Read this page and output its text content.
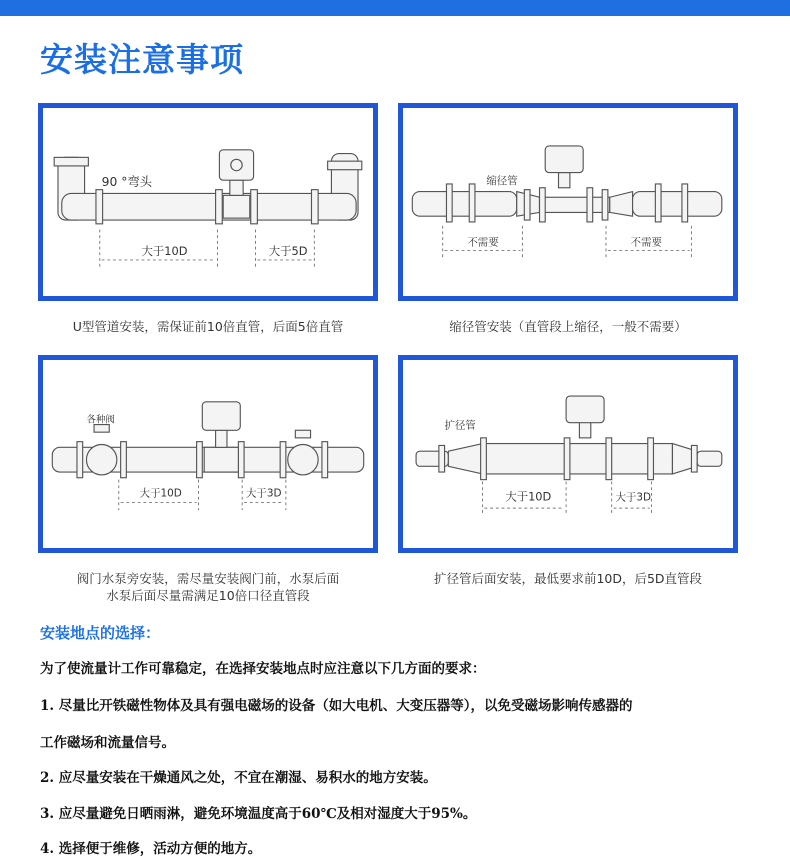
安装注意事项
90 °弯头
大于10D	大于5D
U型管道安装，需保证前10倍直管，后面5倍直管
缩径管
不需要	不需要
缩径管安装（直管段上缩径，一般不需要）
各种阀
大于10D	大于3D
阀门水泵旁安装，需尽量安装阀门前，水泵后面
水泵后面尽量需满足10倍口径直管段
扩径管
大于10D	大于3D
扩径管后面安装，最低要求前10D，后5D直管段
安装地点的选择：
为了使流量计工作可靠稳定，在选择安装地点时应注意以下几方面的要求：
1. 尽量比开铁磁性物体及具有强电磁场的设备（如大电机、大变压器等），以免受磁场影响传感器的
工作磁场和流量信号。
2. 应尽量安装在干燥通风之处，不宜在潮湿、易积水的地方安装。
3. 应尽量避免日晒雨淋，避免环境温度高于60℃及相对湿度大于95%。
4. 选择便于维修，活动方便的地方。
